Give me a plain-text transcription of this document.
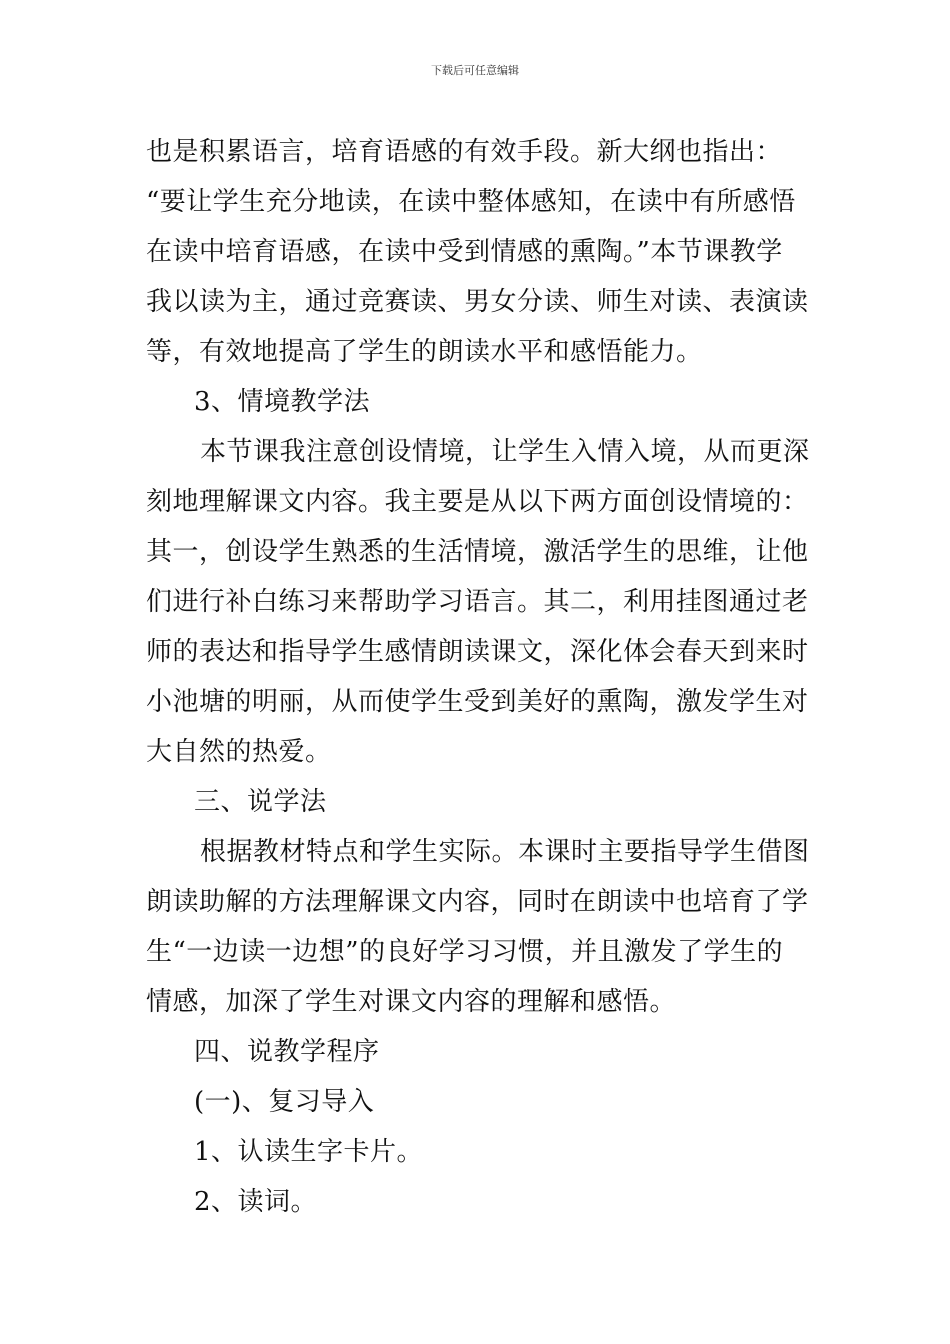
下载后可任意编辑
也是积累语言，培育语感的有效手段。新大纲也指出：
“要让学生充分地读，在读中整体感知，在读中有所感悟
在读中培育语感，在读中受到情感的熏陶。”本节课教学
我以读为主，通过竞赛读、男女分读、师生对读、表演读
等，有效地提高了学生的朗读水平和感悟能力。
3、情境教学法
本节课我注意创设情境，让学生入情入境，从而更深
刻地理解课文内容。我主要是从以下两方面创设情境的：
其一，创设学生熟悉的生活情境，激活学生的思维，让他
们进行补白练习来帮助学习语言。其二，利用挂图通过老
师的表达和指导学生感情朗读课文，深化体会春天到来时
小池塘的明丽，从而使学生受到美好的熏陶，激发学生对
大自然的热爱。
三、说学法
根据教材特点和学生实际。本课时主要指导学生借图
朗读助解的方法理解课文内容，同时在朗读中也培育了学
生“一边读一边想”的良好学习习惯，并且激发了学生的
情感，加深了学生对课文内容的理解和感悟。
四、说教学程序
(一)、复习导入
1、认读生字卡片。
2、读词。
